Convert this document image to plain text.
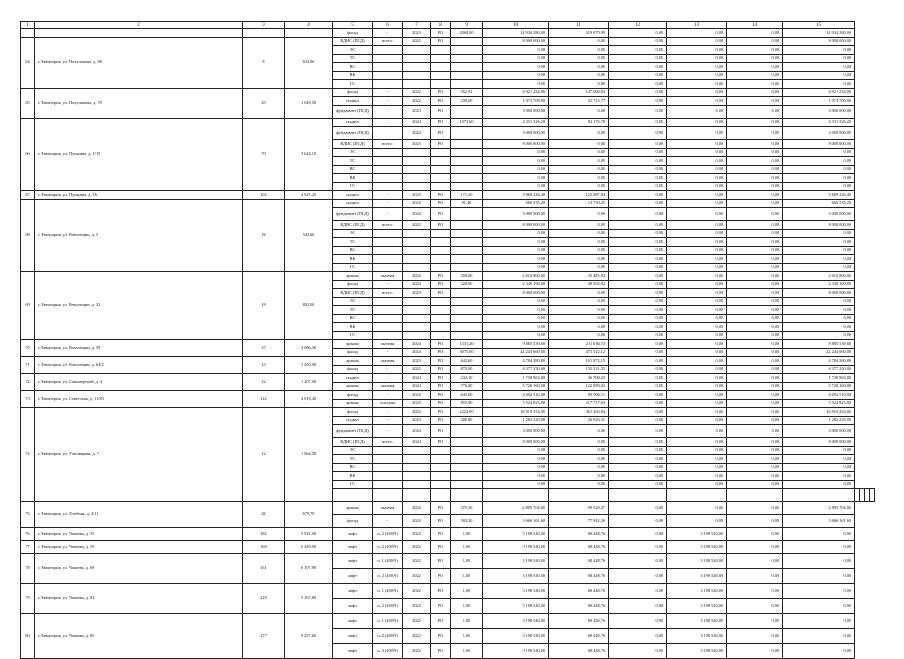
1	2	3	4	5	6	7	8	9	10	11	12	13	14	15				
				фасад	-	2023	РО	2060,00	14 934 280,00	319 079,99	0,00	0,00	0,00	14 934 280,00				
64	г. Евпатория, ул. Полупанова, д. 68	8	633,90	ВДИС (ПСД)	всего:	2023	РО		8 000 000,00	0,00	0,00	0,00	0,00	8 000 000,00				
				ЭС					0,00	0,00	0,00	0,00	0,00	0,00				
				ТС					0,00	0,00	0,00	0,00	0,00	0,00				
				ВС					0,00	0,00	0,00	0,00	0,00	0,00				
				ВК					0,00	0,00	0,00	0,00	0,00	0,00				
				ГС					0,00	0,00	0,00	0,00	0,00	0,00				
65	г. Евпатория, ул. Полупанова, д. 70	45	1 649,50	фасад	-	2022	РО	952,92	6 921 234,96	147 600,83	0,00	0,00	0,00	6 921 234,96				
				подвал	-	2022	РО	239,00	1 973 709,00	41 723,77	0,00	0,00	0,00	1 973 709,00				
				фундамент (ПСД)	-	2023	РО		3 000 000,00	0,00	0,00	0,00	0,00	3 000 000,00				
66	г. Евпатория, ул. Пушкина, д. 1/19	70	3 644,10	подвал	-	2024	РО	1073,60	4 331 326,20	92 176,78	0,00	0,00	0,00	4 331 326,20				
				фундамент (ПСД)		2024	РО		3 000 000,00	0,00	0,00	0,00	0,00	3 000 000,00				
				ВДИС (ПСД)	всего:	2023	РО		8 000 000,00	0,00	0,00	0,00	0,00	8 000 000,00				
				ЭС					0,00	0,00	0,00	0,00	0,00	0,00				
				ТС					0,00	0,00	0,00	0,00	0,00	0,00				
				ВС					0,00	0,00	0,00	0,00	0,00	0,00				
				ВК					0,00	0,00	0,00	0,00	0,00	0,00				
				ГС					0,00	0,00	0,00	0,00	0,00	0,00				
67	г. Евпатория, ул. Пушкина, д. 16	102	4 945,20	подвал	-	2023	РО	171,20	5 869 226,40	125 087,84	0,00	0,00	0,00	5 869 226,40				
68	г. Евпатория, ул. Революции, д. 5	16	543,60	подвал	-	2024	РО	91,40	666 535,20	13 750,25	0,00	0,00	0,00	666 535,20				
				фундамент (ПСД)	-	2024	РО		3 000 000,00	0,00	0,00	0,00	0,00	3 000 000,00				
				ВДИС (ПСД)	всего:	2023	РО		8 000 000,00	0,00	0,00	0,00	0,00	8 000 000,00				
				ЭС					0,00	0,00	0,00	0,00	0,00	0,00				
				ТС					0,00	0,00	0,00	0,00	0,00	0,00				
				ВС					0,00	0,00	0,00	0,00	0,00	0,00				
				ВК					0,00	0,00	0,00	0,00	0,00	0,00				
				ГС					0,00	0,00	0,00	0,00	0,00	0,00				
69	г. Евпатория, ул. Революции, д. 23	18	802,00	крыша	скатная	2024	РО	350,00	2 616 800,00	55 485,92	0,00	0,00	0,00	2 616 800,00				
				фасад	-	2024	РО	320,00	2 340 160,00	49 565,82	0,00	0,00	0,00	2 340 160,00				
				ВДИС (ПСД)	всего:	2023	РО		8 000 000,00	0,00	0,00	0,00	0,00	8 000 000,00				
				ЭС					0,00	0,00	0,00	0,00	0,00	0,00				
				ТС					0,00	0,00	0,00	0,00	0,00	0,00				
				ВС					0,00	0,00	0,00	0,00	0,00	0,00				
				ВК					0,00	0,00	0,00	0,00	0,00	0,00				
				ГС					0,00	0,00	0,00	0,00	0,00	0,00				
70	г. Евпатория, ул. Революции, д. 59	37	4 066,30	крыша	скатная	2024	РО	1331,20	9 885 539,60	211 036,73	0,00	0,00	0,00	9 885 539,60				
				фасад	-	2024	РО	3075,00	22 244 660,00	475 522,12	0,00	0,00	0,00	22 244 660,00				
71	г. Евпатория, ул. Революции, д. 64/2	23	1 450,90	крыша	скатная	2023	РО	642,60	4 784 380,80	101 872,15	0,00	0,00	0,00	4 784 380,80				
				фасад	-	2023	РО	875,00	6 377 250,00	135 531,55	0,00	0,00	0,00	6 377 250,00				
72	г. Евпатория, ул. Самомерской, д. 4	22	1 207,00	подвал	-	2024	РО	232,10	1 738 963,80	36 700,23	0,00	0,00	0,00	1 738 963,80				
				крыша	скатная	2024	РО	770,00	5 728 160,00	122 089,02	0,00	0,00	0,00	5 728 160,00				
73	г. Евпатория, ул. Советская, д. 11/83	122	4 018,40	фасад	-	2024	РО	645,00	4 692 510,00	99 906,11	0,00	0,00	0,00	4 692 510,00				
				крыша	плоская	2023	РО	855,90	5 524 823,80	117 717,63	0,00	0,00	0,00	5 524 823,80				
74	г. Евпатория, ул. Училищная, д. 7	12	1 064,50	фасад	-	2023	РО	2223,00	16 910 254,00	361 365,84	0,00	0,00	0,00	16 910 254,00				
				подвал	-	2023	РО	400,80	1 282 229,00	26 926,31	0,00	0,00	0,00	1 282 229,00				
				фундамент (ПСД)	-	2024	РО		3 000 000,00	0,00	0,00	0,00	0,00	3 000 000,00				
				ВДИС (ПСД)	всего:	2024	РО		8 000 000,00	0,00	0,00	0,00	0,00	8 000 000,00				
				ЭС					0,00	0,00	0,00	0,00	0,00	0,00				
				ТС					0,00	0,00	0,00	0,00	0,00	0,00				
				ВС					0,00	0,00	0,00	0,00	0,00	0,00				
				ВК					0,00	0,00	0,00	0,00	0,00	0,00				
				ГС					0,00	0,00	0,00	0,00	0,00	0,00				

75	г. Евпатория, ул. Хлебная, д. 3/11	26	670,70	крыша	скатная	2024	РО	375,50	2 805 704,00	59 528,47	0,00	0,00	0,00	2 805 704,00				
				фасад	-	2024	РО	503,20	3 666 161,60	77 942,26	0,00	0,00	0,00	3 666 161,60				
76	г. Евпатория, ул. Чапаева, д. 55	182	5 921,00	лифт	п. 2 (400/9)	2022	РО	1,00	3 198 540,00	68 448,76	0,00	3 198 540,00	0,00	0,00				
77	г. Евпатория, ул. Чапаева, д. 59	160	5 449,90	лифт	п. 2 (400/9)	2022	РО	1,00	3 198 540,00	68 448,76	0,00	3 198 540,00	0,00	0,00				
78	г. Евпатория, ул. Чапаева, д. 69	161	6 107,90	лифт	п. 1 (400/9)	2022	РО	1,00	3 198 540,00	68 448,76	0,00	3 198 540,00	0,00	0,00				
				лифт	п. 2 (400/9)	2022	РО	1,00	3 198 540,00	68 448,76	0,00	3 198 540,00	0,00	0,00				
79	г. Евпатория, ул. Чапаева, д. 83	229	5 167,80	лифт	п. 1 (400/9)	2022	РО	1,00	3 198 540,00	68 448,76	0,00	3 198 540,00	0,00	0,00				
				лифт	п. 2 (400/9)	2022	РО	1,00	3 198 540,00	68 448,76	0,00	3 198 540,00	0,00	0,00				
80	г. Евпатория, ул. Чапаева, д. 85	277	9 237,60	лифт	п. 1 (400/9)	2022	РО	1,00	3 198 540,00	68 448,76	0,00	3 198 540,00	0,00	0,00				
				лифт	п. 2 (400/9)	2022	РО	1,00	3 198 540,00	68 448,76	0,00	3 198 540,00	0,00	0,00				
				лифт	п. 3 (400/9)	2022	РО	1,00	3 198 540,00	68 448,76	0,00	3 198 540,00	0,00	0,00				
